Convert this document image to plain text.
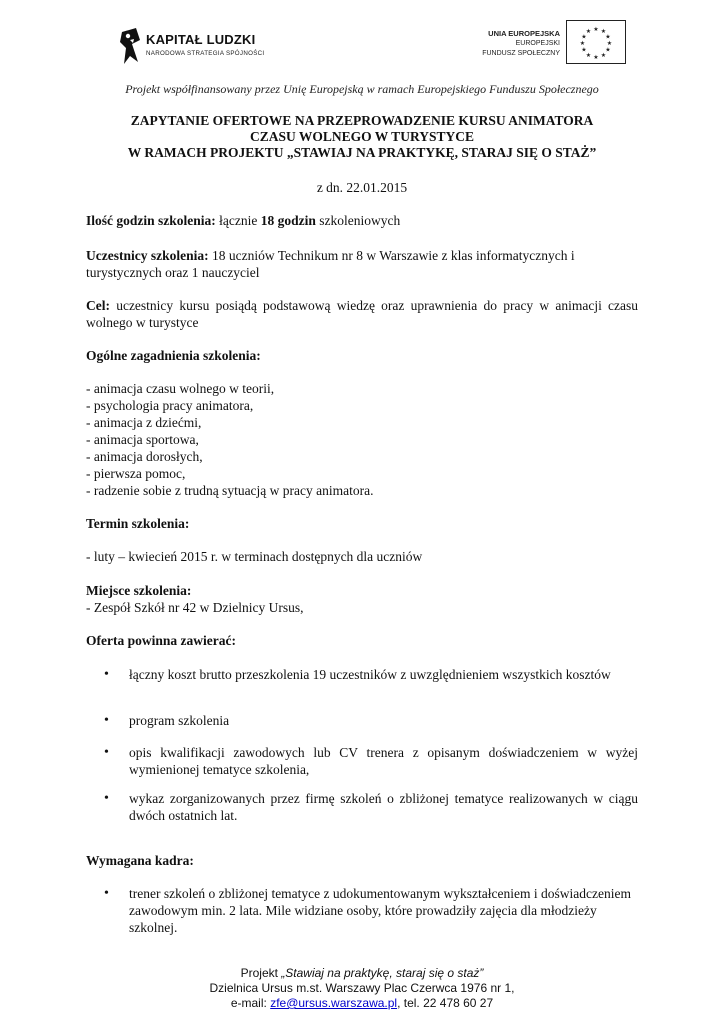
KAPITAŁ LUDZKI
NARODOWA STRATEGIA SPÓJNOŚCI
UNIA EUROPEJSKA
EUROPEJSKI
FUNDUSZ SPOŁECZNY
★ ★
★
★
★
★
★
★
★
★
★
★
Projekt współfinansowany przez Unię Europejską w ramach Europejskiego Funduszu Społecznego
ZAPYTANIE OFERTOWE NA PRZEPROWADZENIE KURSU ANIMATORA
CZASU WOLNEGO W TURYSTYCE
W RAMACH PROJEKTU „STAWIAJ NA PRAKTYKĘ, STARAJ SIĘ O STAŻ”
z dn. 22.01.2015
Ilość godzin szkolenia: łącznie 18 godzin szkoleniowych
Uczestnicy szkolenia: 18 uczniów Technikum nr 8 w Warszawie z klas informatycznych i turystycznych oraz 1 nauczyciel
Cel: uczestnicy kursu posiądą podstawową wiedzę oraz uprawnienia do pracy w animacji czasu wolnego w turystyce
Ogólne zagadnienia szkolenia:
- animacja czasu wolnego w teorii,
- psychologia pracy animatora,
- animacja z dziećmi,
- animacja sportowa,
- animacja dorosłych,
- pierwsza pomoc,
- radzenie sobie z trudną sytuacją w pracy animatora.
Termin szkolenia:
- luty – kwiecień 2015 r. w terminach dostępnych dla uczniów
Miejsce szkolenia:
- Zespół Szkół nr 42 w Dzielnicy Ursus,
Oferta powinna zawierać:
• łączny koszt brutto przeszkolenia 19 uczestników z uwzględnieniem wszystkich kosztów
• program szkolenia
• opis kwalifikacji zawodowych lub CV trenera z opisanym doświadczeniem w wyżej wymienionej tematyce szkolenia,
• wykaz zorganizowanych przez firmę szkoleń o zbliżonej tematyce realizowanych w ciągu dwóch ostatnich lat.
Wymagana kadra:
• trener szkoleń o zbliżonej tematyce z udokumentowanym wykształceniem i doświadczeniem zawodowym min. 2 lata. Mile widziane osoby, które prowadziły zajęcia dla młodzieży szkolnej.
Projekt „Stawiaj na praktykę, staraj się o staż”
Dzielnica Ursus m.st. Warszawy Plac Czerwca 1976 nr 1,
e-mail: zfe@ursus.warszawa.pl, tel. 22 478 60 27
